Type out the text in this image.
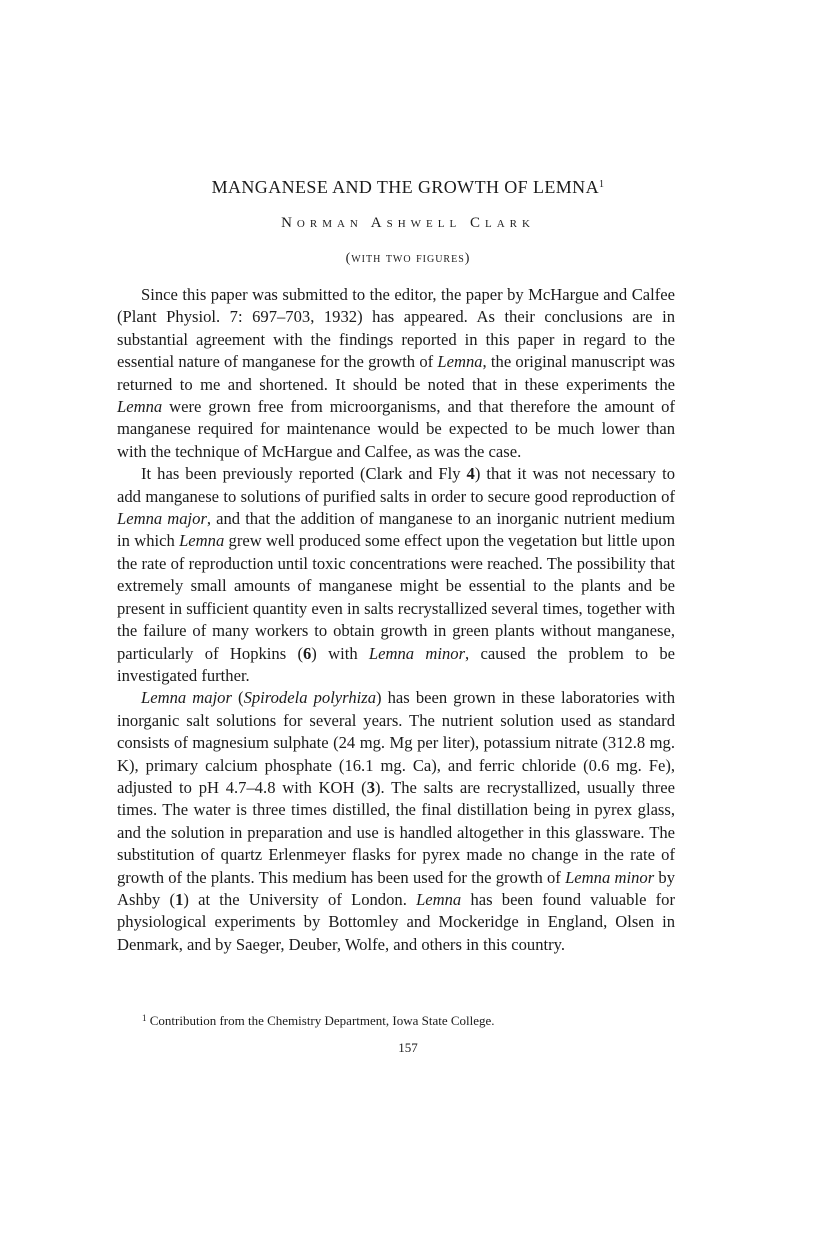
MANGANESE AND THE GROWTH OF LEMNA$^1$
Norman Ashwell Clark
(with two figures)

Since this paper was submitted to the editor, the paper by McHargue and Calfee (Plant Physiol. 7: 697–703, 1932) has appeared. As their conclusions are in substantial agreement with the findings reported in this paper in regard to the essential nature of manganese for the growth of Lemna, the original manuscript was returned to me and shortened. It should be noted that in these experiments the Lemna were grown free from microorganisms, and that therefore the amount of manganese required for maintenance would be expected to be much lower than with the technique of McHargue and Calfee, as was the case.

It has been previously reported (Clark and Fly 4) that it was not necessary to add manganese to solutions of purified salts in order to secure good reproduction of Lemna major, and that the addition of manganese to an inorganic nutrient medium in which Lemna grew well produced some effect upon the vegetation but little upon the rate of reproduction until toxic concentrations were reached. The possibility that extremely small amounts of manganese might be essential to the plants and be present in sufficient quantity even in salts recrystallized several times, together with the failure of many workers to obtain growth in green plants without manganese, particularly of Hopkins (6) with Lemna minor, caused the problem to be investigated further.

Lemna major (Spirodela polyrhiza) has been grown in these laboratories with inorganic salt solutions for several years. The nutrient solution used as standard consists of magnesium sulphate (24 mg. Mg per liter), potassium nitrate (312.8 mg. K), primary calcium phosphate (16.1 mg. Ca), and ferric chloride (0.6 mg. Fe), adjusted to pH 4.7–4.8 with KOH (3). The salts are recrystallized, usually three times. The water is three times distilled, the final distillation being in pyrex glass, and the solution in preparation and use is handled altogether in this glassware. The substitution of quartz Erlenmeyer flasks for pyrex made no change in the rate of growth of the plants. This medium has been used for the growth of Lemna minor by Ashby (1) at the University of London. Lemna has been found valuable for physiological experiments by Bottomley and Mockeridge in England, Olsen in Denmark, and by Saeger, Deuber, Wolfe, and others in this country.

$^1$ Contribution from the Chemistry Department, Iowa State College.
157
